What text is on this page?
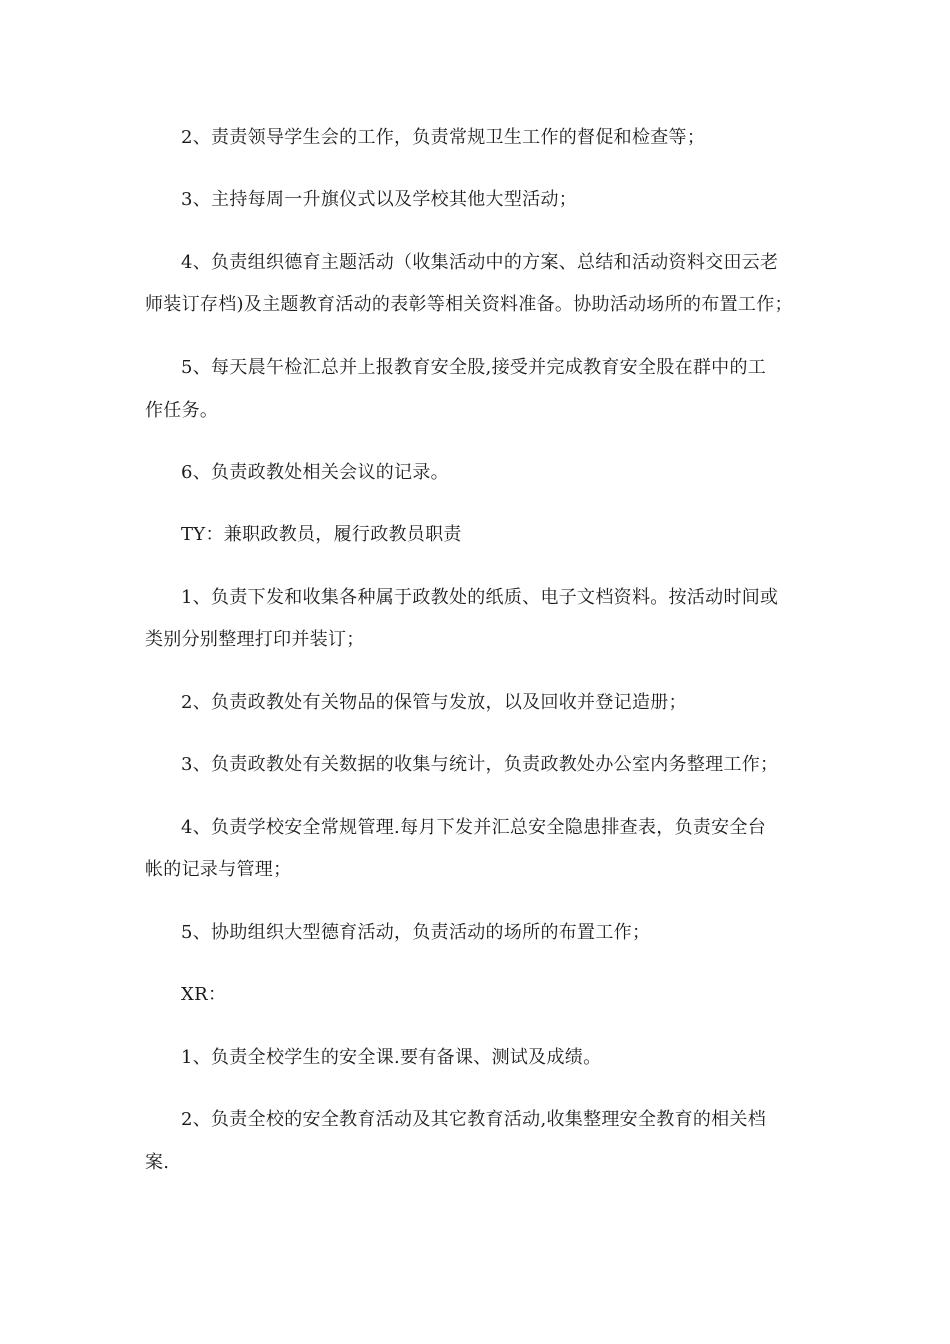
2、责责领导学生会的工作，负责常规卫生工作的督促和检查等；
3、主持每周一升旗仪式以及学校其他大型活动；
4、负责组织德育主题活动（收集活动中的方案、总结和活动资料交田云老
师装订存档)及主题教育活动的表彰等相关资料准备。协助活动场所的布置工作；
5、每天晨午检汇总并上报教育安全股,接受并完成教育安全股在群中的工
作任务。
6、负责政教处相关会议的记录。
TY：兼职政教员，履行政教员职责
1、负责下发和收集各种属于政教处的纸质、电子文档资料。按活动时间或
类别分别整理打印并装订；
2、负责政教处有关物品的保管与发放，以及回收并登记造册；
3、负责政教处有关数据的收集与统计，负责政教处办公室内务整理工作；
4、负责学校安全常规管理.每月下发并汇总安全隐患排查表，负责安全台
帐的记录与管理；
5、协助组织大型德育活动，负责活动的场所的布置工作；
XR：
1、负责全校学生的安全课.要有备课、测试及成绩。
2、负责全校的安全教育活动及其它教育活动,收集整理安全教育的相关档
案.
